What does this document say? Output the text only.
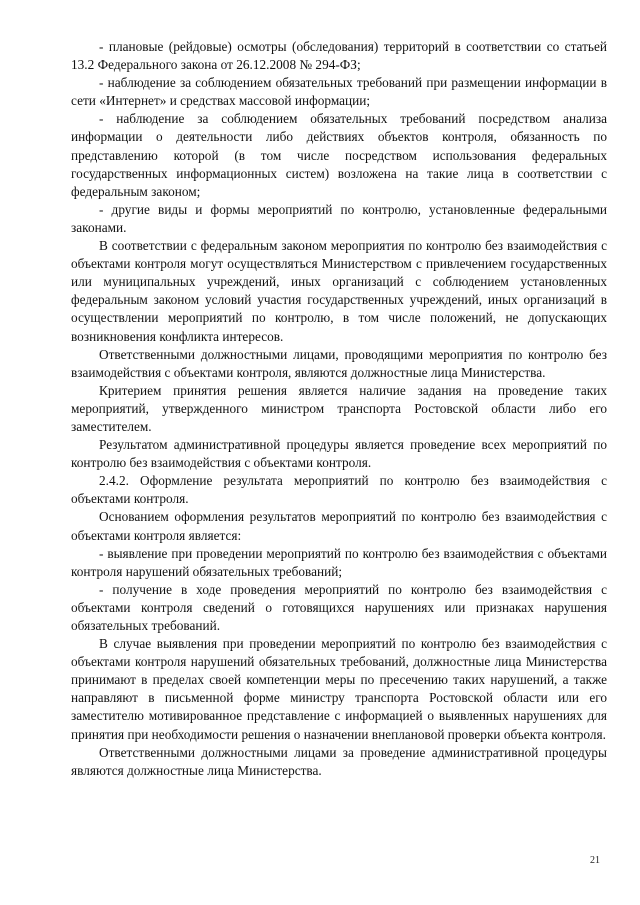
- плановые (рейдовые) осмотры (обследования) территорий в соответствии со статьей 13.2 Федерального закона от 26.12.2008 № 294-ФЗ;

- наблюдение за соблюдением обязательных требований при размещении информации в сети «Интернет» и средствах массовой информации;

- наблюдение за соблюдением обязательных требований посредством анализа информации о деятельности либо действиях объектов контроля, обязанность по представлению которой (в том числе посредством использования федеральных государственных информационных систем) возложена на такие лица в соответствии с федеральным законом;

- другие виды и формы мероприятий по контролю, установленные федеральными законами.

В соответствии с федеральным законом мероприятия по контролю без взаимодействия с объектами контроля могут осуществляться Министерством с привлечением государственных или муниципальных учреждений, иных организаций с соблюдением установленных федеральным законом условий участия государственных учреждений, иных организаций в осуществлении мероприятий по контролю, в том числе положений, не допускающих возникновения конфликта интересов.

Ответственными должностными лицами, проводящими мероприятия по контролю без взаимодействия с объектами контроля, являются должностные лица Министерства.

Критерием принятия решения является наличие задания на проведение таких мероприятий, утвержденного министром транспорта Ростовской области либо его заместителем.

Результатом административной процедуры является проведение всех мероприятий по контролю без взаимодействия с объектами контроля.

2.4.2. Оформление результата мероприятий по контролю без взаимодействия с объектами контроля.

Основанием оформления результатов мероприятий по контролю без взаимодействия с объектами контроля является:

- выявление при проведении мероприятий по контролю без взаимодействия с объектами контроля нарушений обязательных требований;

- получение в ходе проведения мероприятий по контролю без взаимодействия с объектами контроля сведений о готовящихся нарушениях или признаках нарушения обязательных требований.

В случае выявления при проведении мероприятий по контролю без взаимодействия с объектами контроля нарушений обязательных требований, должностные лица Министерства принимают в пределах своей компетенции меры по пресечению таких нарушений, а также направляют в письменной форме министру транспорта Ростовской области или его заместителю мотивированное представление с информацией о выявленных нарушениях для принятия при необходимости решения о назначении внеплановой проверки объекта контроля.

Ответственными должностными лицами за проведение административной процедуры являются должностные лица Министерства.

21
